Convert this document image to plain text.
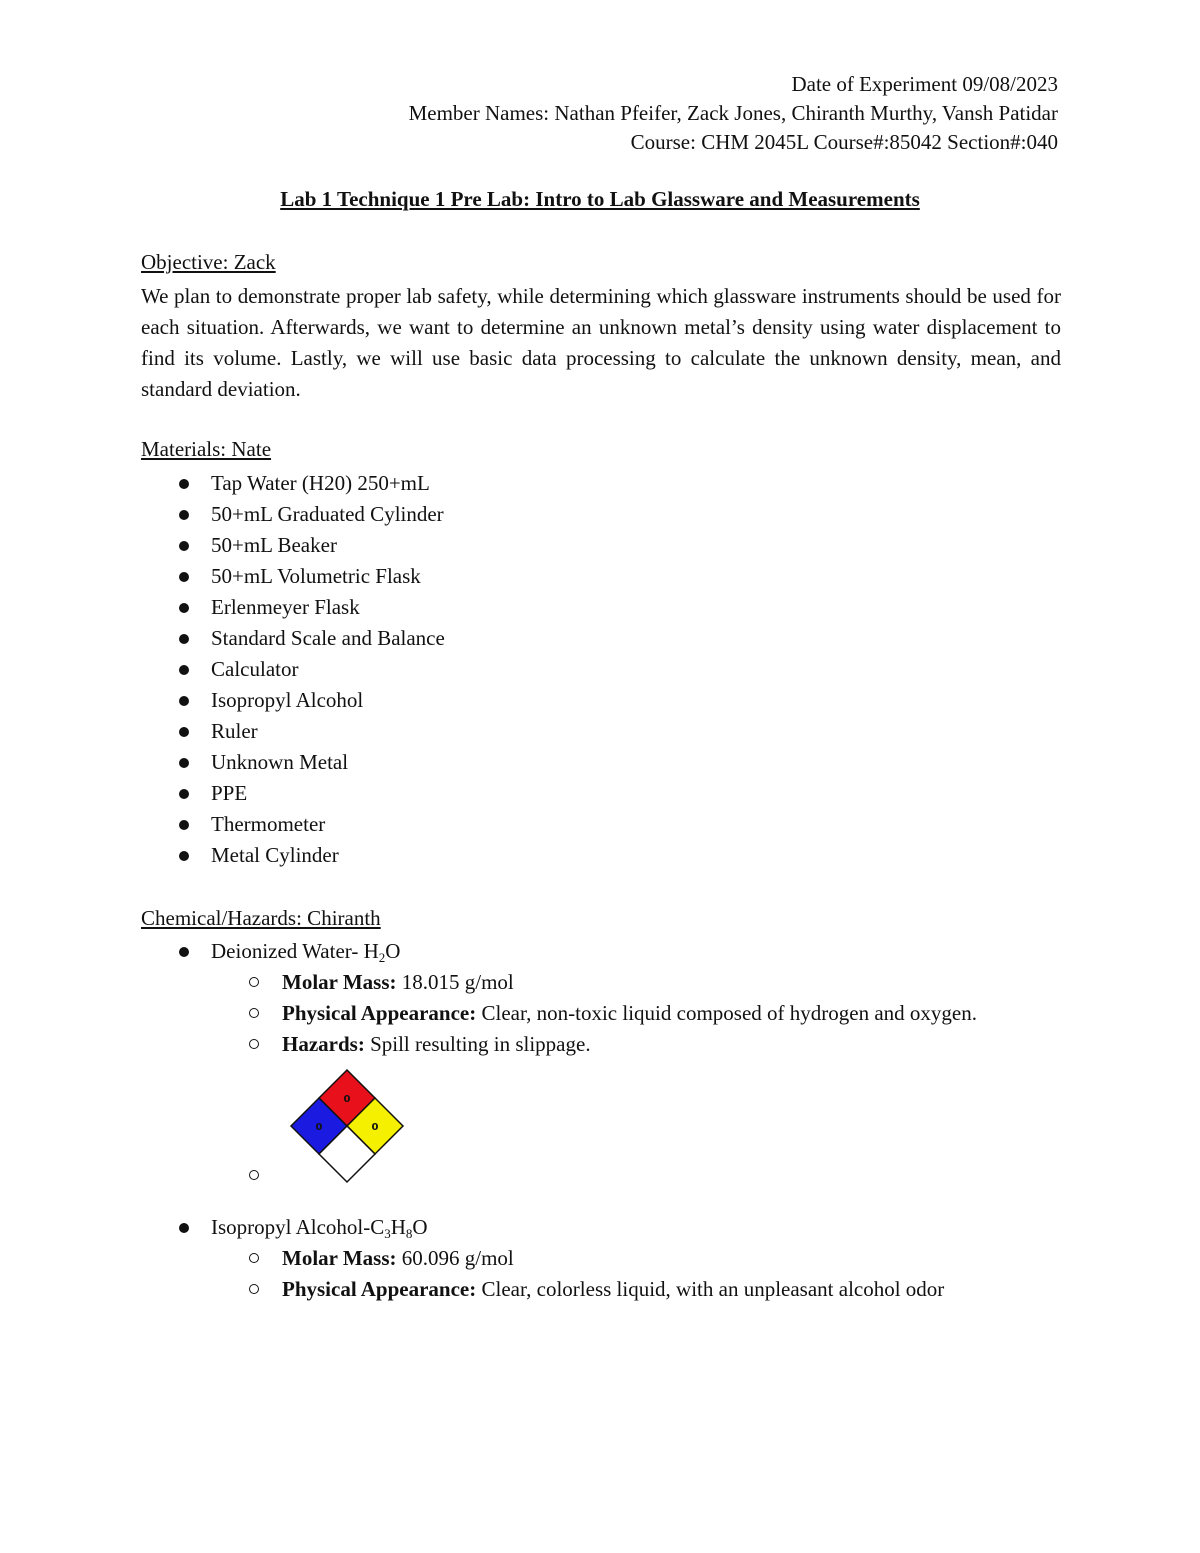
Date of Experiment 09/08/2023
Member Names: Nathan Pfeifer, Zack Jones, Chiranth Murthy, Vansh Patidar
Course: CHM 2045L Course#:85042 Section#:040
Lab 1 Technique 1 Pre Lab: Intro to Lab Glassware and Measurements
Objective: Zack
We plan to demonstrate proper lab safety, while determining which glassware instruments should be used for each situation. Afterwards, we want to determine an unknown metal’s density using water displacement to find its volume. Lastly, we will use basic data processing to calculate the unknown density, mean, and standard deviation.
Materials: Nate
Tap Water (H20) 250+mL
50+mL Graduated Cylinder
50+mL Beaker
50+mL Volumetric Flask
Erlenmeyer Flask
Standard Scale and Balance
Calculator
Isopropyl Alcohol
Ruler
Unknown Metal
PPE
Thermometer
Metal Cylinder
Chemical/Hazards: Chiranth
Deionized Water- H2O
Molar Mass: 18.015 g/mol
Physical Appearance: Clear, non-toxic liquid composed of hydrogen and oxygen.
Hazards: Spill resulting in slippage.
0
0	0
Isopropyl Alcohol-C3H8O
Molar Mass: 60.096 g/mol
Physical Appearance: Clear, colorless liquid, with an unpleasant alcohol odor
